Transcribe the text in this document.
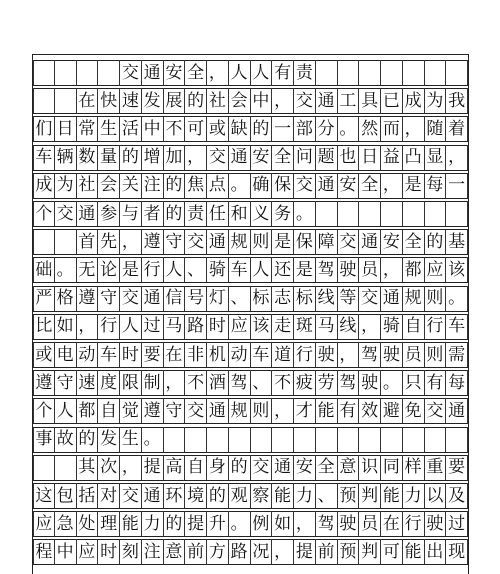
交 通 安 全 ， 人 人 有 责
在 快 速 发 展 的 社 会 中 ， 交 通 工 具 已 成 为 我
们 日 常 生 活 中 不 可 或 缺 的 一 部 分 。 然 而 ， 随 着
车 辆 数 量 的 增 加 ， 交 通 安 全 问 题 也 日 益 凸 显 ，
成 为 社 会 关 注 的 焦 点 。 确 保 交 通 安 全 ， 是 每 一
个 交 通 参 与 者 的 责 任 和 义 务 。
首 先 ， 遵 守 交 通 规 则 是 保 障 交 通 安 全 的 基
础 。 无 论 是 行 人 、 骑 车 人 还 是 驾 驶 员 ， 都 应 该
严 格 遵 守 交 通 信 号 灯 、 标 志 标 线 等 交 通 规 则 。
比 如 ， 行 人 过 马 路 时 应 该 走 斑 马 线 ， 骑 自 行 车
或 电 动 车 时 要 在 非 机 动 车 道 行 驶 ， 驾 驶 员 则 需
遵 守 速 度 限 制 ， 不 酒 驾 、 不 疲 劳 驾 驶 。 只 有 每
个 人 都 自 觉 遵 守 交 通 规 则 ， 才 能 有 效 避 免 交 通
事 故 的 发 生 。
其 次 ， 提 高 自 身 的 交 通 安 全 意 识 同 样 重 要
这 包 括 对 交 通 环 境 的 观 察 能 力 、 预 判 能 力 以 及
应 急 处 理 能 力 的 提 升 。 例 如 ， 驾 驶 员 在 行 驶 过
程 中 应 时 刻 注 意 前 方 路 况 ， 提 前 预 判 可 能 出 现
